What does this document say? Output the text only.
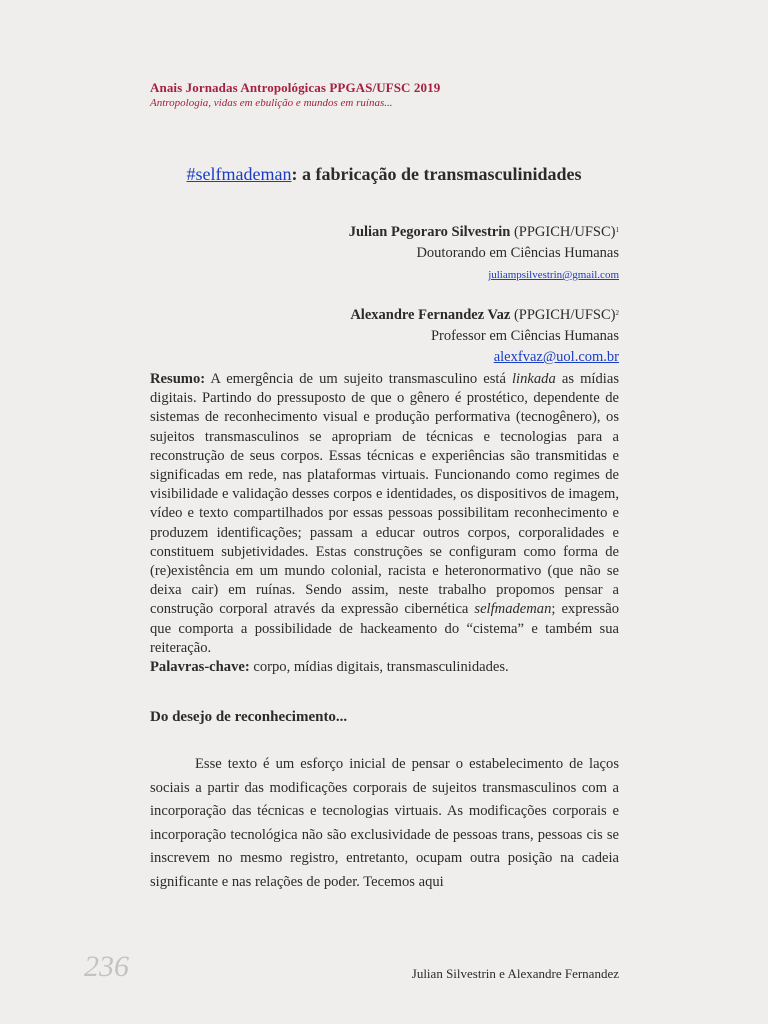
Anais Jornadas Antropológicas PPGAS/UFSC 2019
Antropologia, vidas em ebulição e mundos em ruínas...
#selfmademan: a fabricação de transmasculinidades
Julian Pegoraro Silvestrin (PPGICH/UFSC)$^1$
Doutorando em Ciências Humanas
juliampsilvestrin@gmail.com
Alexandre Fernandez Vaz (PPGICH/UFSC)$^2$
Professor em Ciências Humanas
alexfvaz@uol.com.br

Resumo: A emergência de um sujeito transmasculino está linkada as mídias digitais. Partindo do pressuposto de que o gênero é prostético, dependente de sistemas de reconhecimento visual e produção performativa (tecnogênero), os sujeitos transmasculinos se apropriam de técnicas e tecnologias para a reconstrução de seus corpos. Essas técnicas e experiências são transmitidas e significadas em rede, nas plataformas virtuais. Funcionando como regimes de visibilidade e validação desses corpos e identidades, os dispositivos de imagem, vídeo e texto compartilhados por essas pessoas possibilitam reconhecimento e produzem identificações; passam a educar outros corpos, corporalidades e constituem subjetividades. Estas construções se configuram como forma de (re)existência em um mundo colonial, racista e heteronormativo (que não se deixa cair) em ruínas. Sendo assim, neste trabalho propomos pensar a construção corporal através da expressão cibernética selfmademan; expressão que comporta a possibilidade de hackeamento do “cistema” e também sua reiteração.

Palavras-chave: corpo, mídias digitais, transmasculinidades.

Do desejo de reconhecimento...

Esse texto é um esforço inicial de pensar o estabelecimento de laços sociais a partir das modificações corporais de sujeitos transmasculinos com a incorporação das técnicas e tecnologias virtuais. As modificações corporais e incorporação tecnológica não são exclusividade de pessoas trans, pessoas cis se inscrevem no mesmo registro, entretanto, ocupam outra posição na cadeia significante e nas relações de poder. Tecemos aqui

236	Julian Silvestrin e Alexandre Fernandez
